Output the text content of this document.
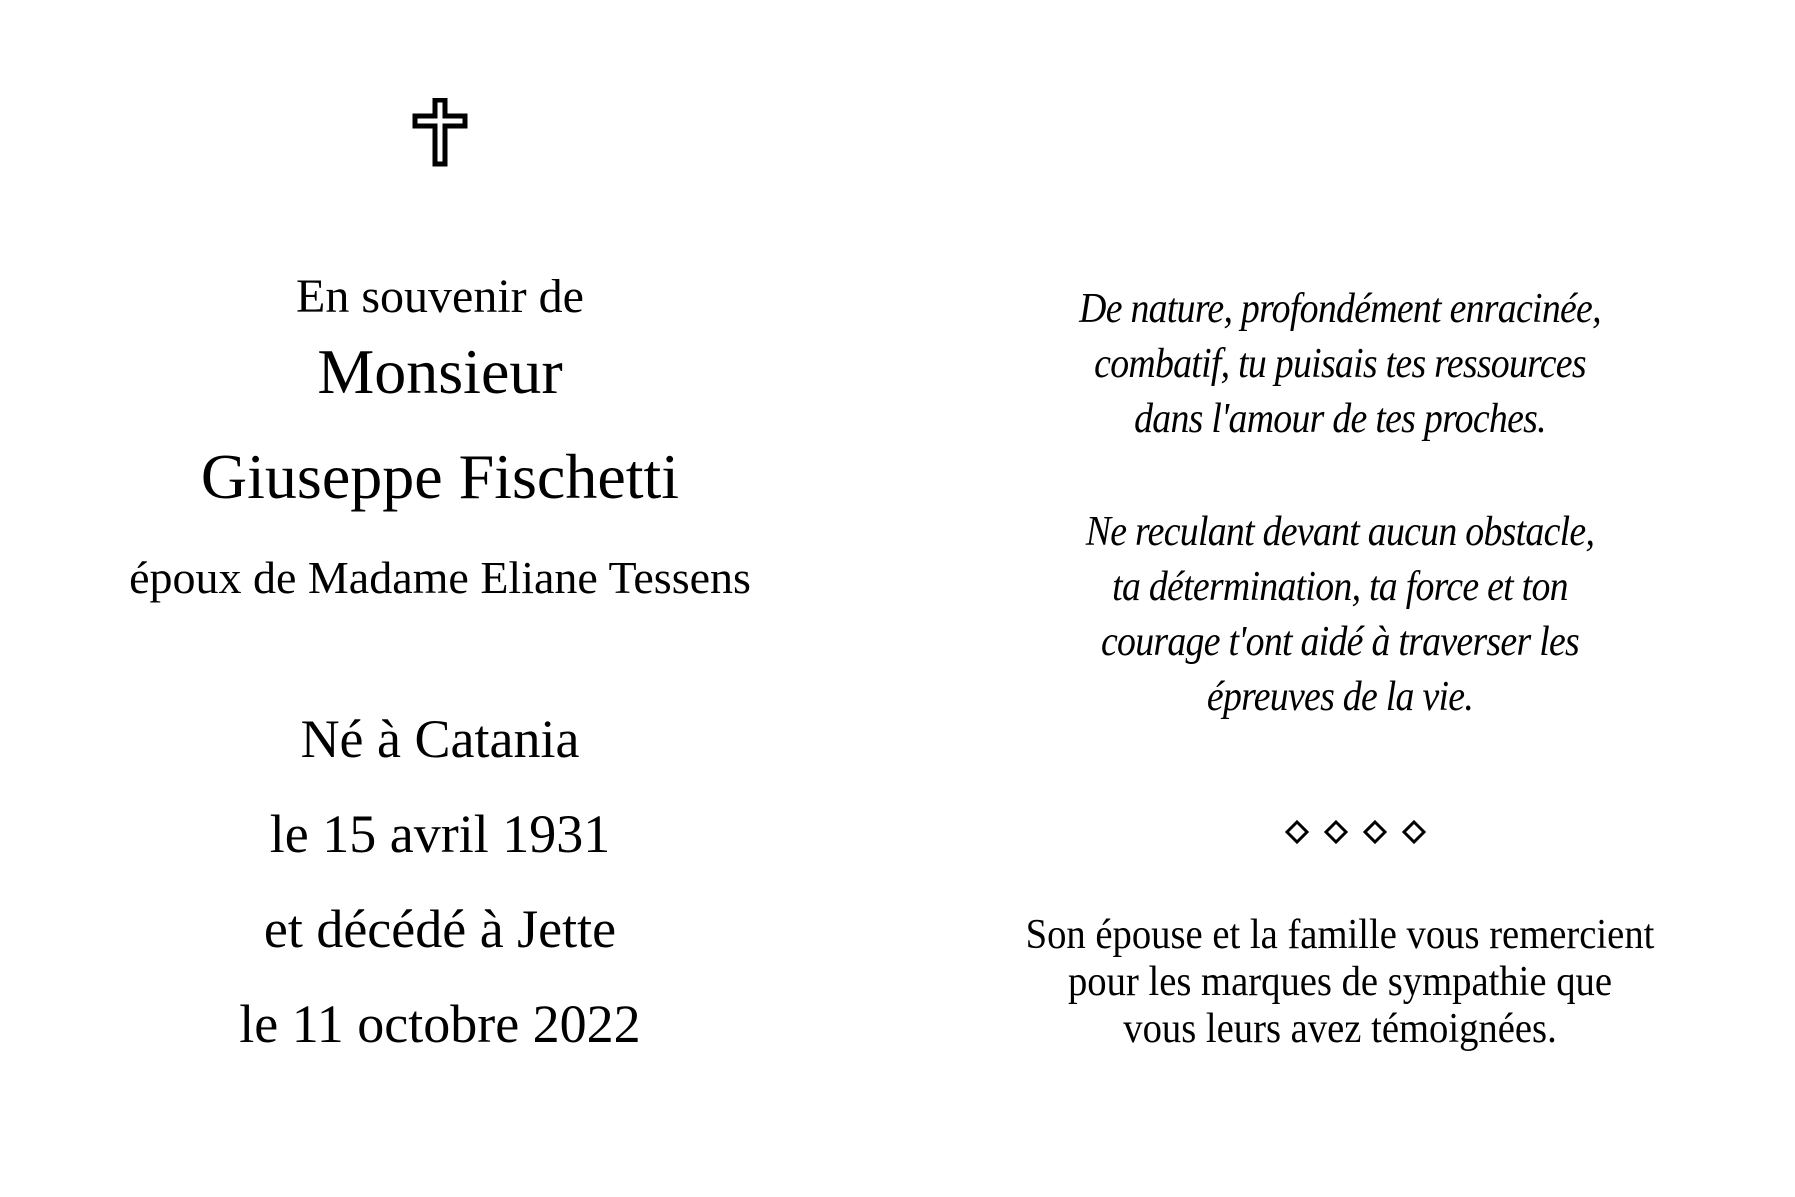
En souvenir de
Monsieur
Giuseppe Fischetti
époux de Madame Eliane Tessens
Né à Catania
le 15 avril 1931
et décédé à Jette
le 11 octobre 2022
De nature, profondément enracinée,
combatif, tu puisais tes ressources
dans l'amour de tes proches.
Ne reculant devant aucun obstacle,
ta détermination, ta force et ton
courage t'ont aidé à traverser les
épreuves de la vie.
Son épouse et la famille vous remercient
pour les marques de sympathie que
vous leurs avez témoignées.
